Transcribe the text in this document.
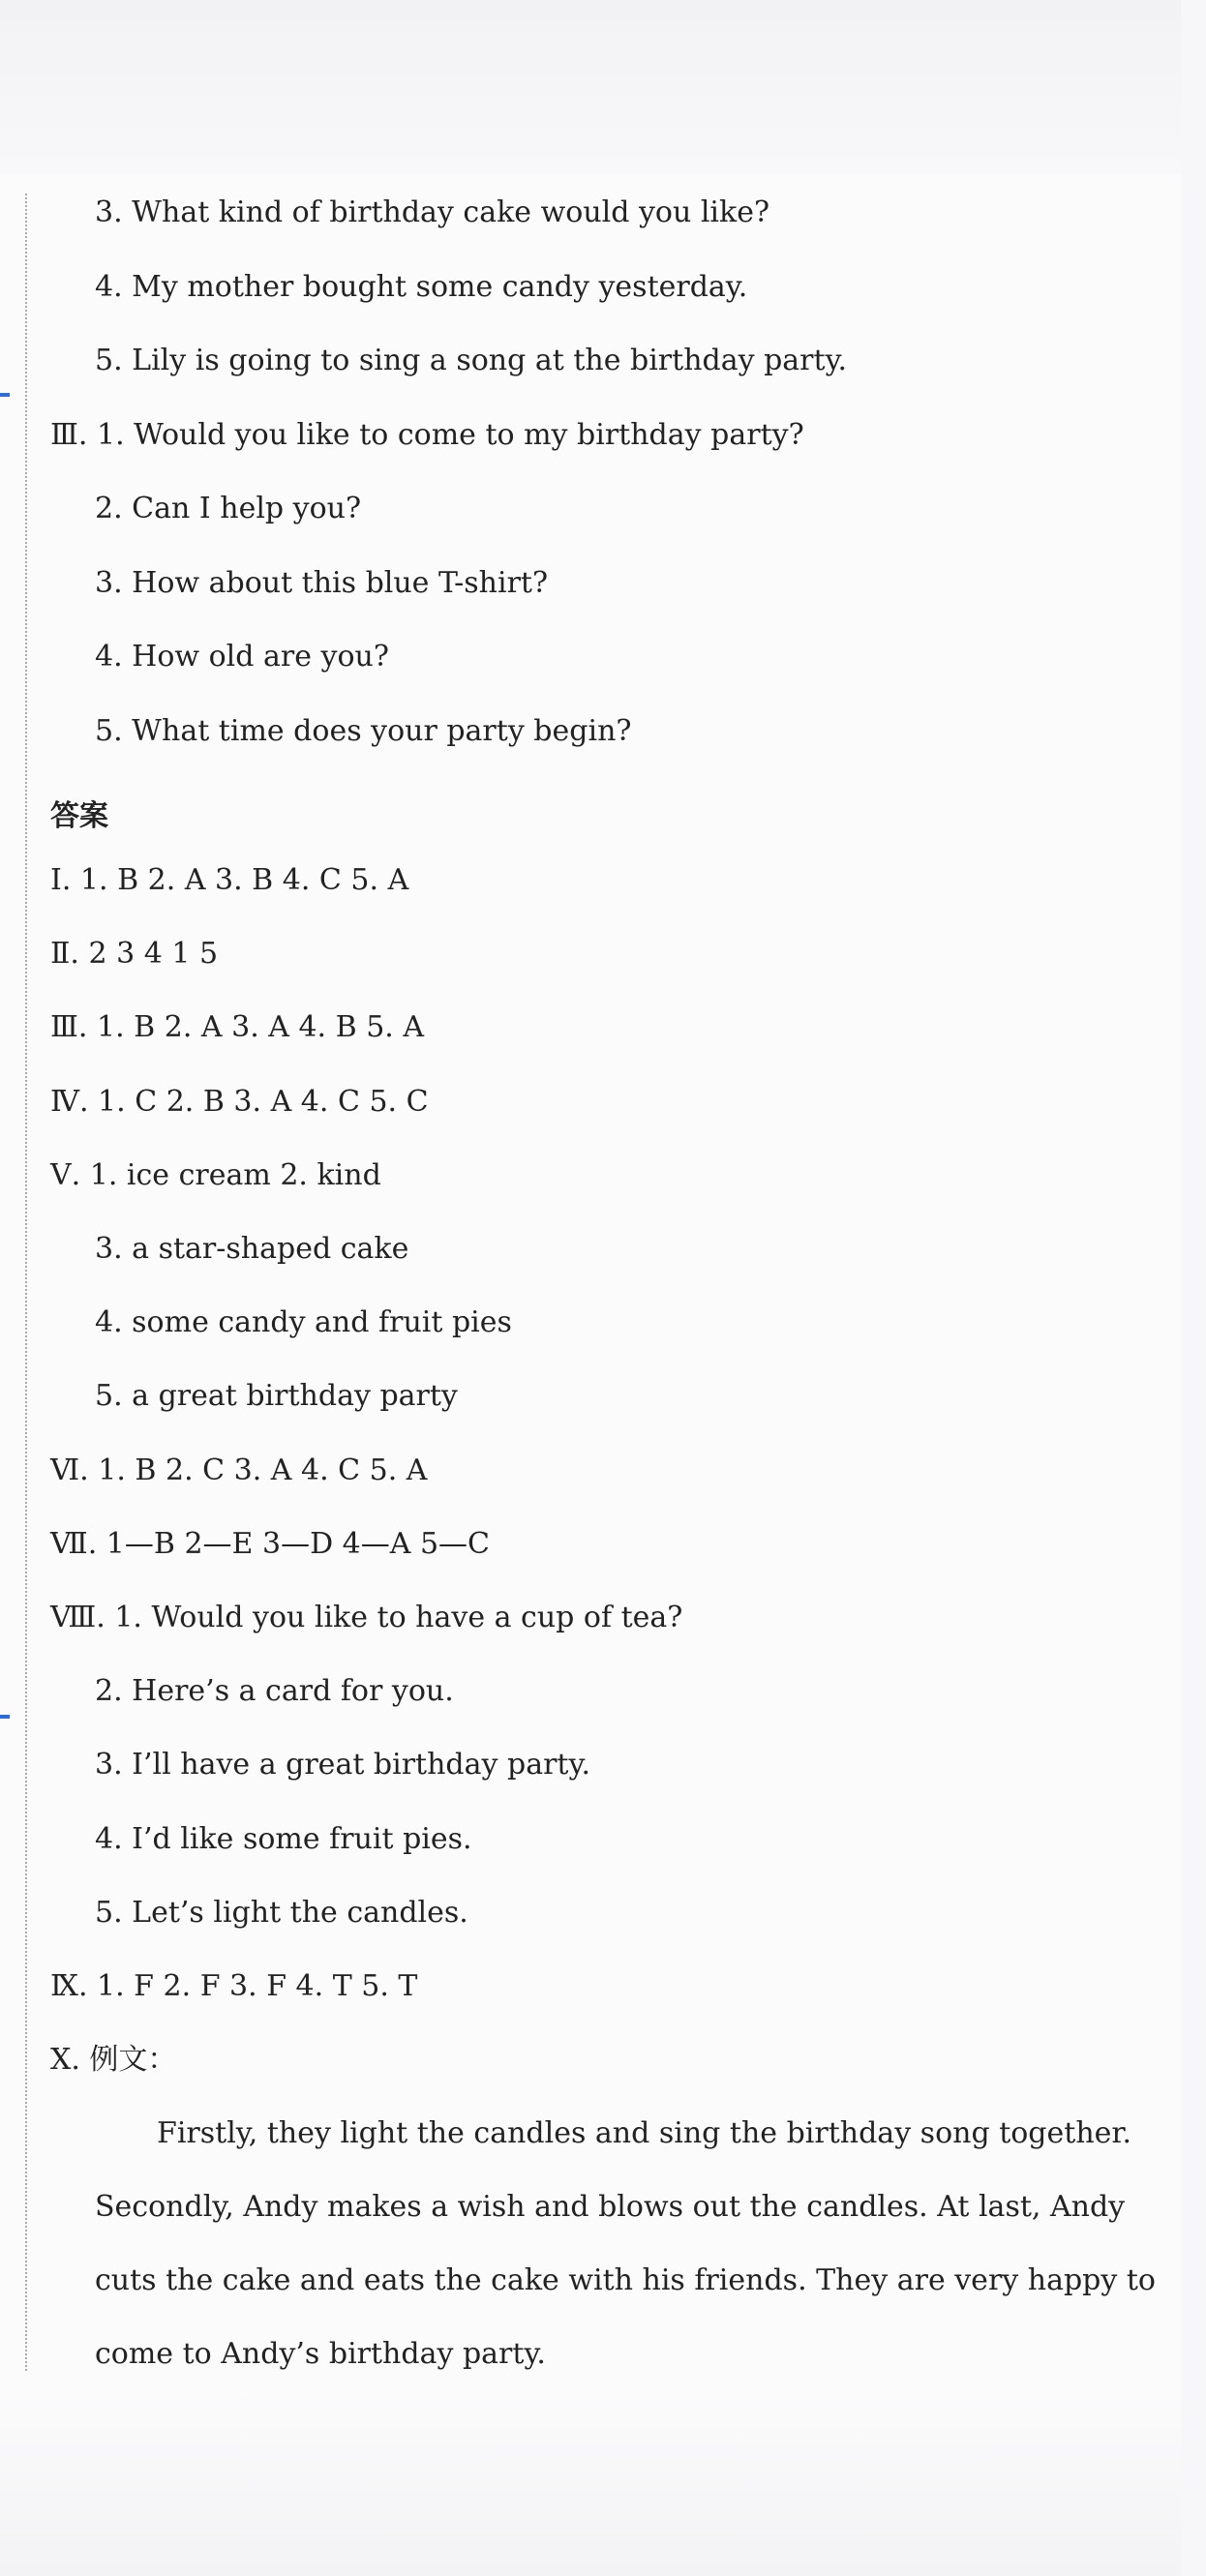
3. What kind of birthday cake would you like?
4. My mother bought some candy yesterday.
5. Lily is going to sing a song at the birthday party.
Ⅲ. 1. Would you like to come to my birthday party?
2. Can I help you?
3. How about this blue T-shirt?
4. How old are you?
5. What time does your party begin?
答案
Ⅰ. 1. B 2. A 3. B 4. C 5. A
Ⅱ. 2 3 4 1 5
Ⅲ. 1. B 2. A 3. A 4. B 5. A
Ⅳ. 1. C 2. B 3. A 4. C 5. C
Ⅴ. 1. ice cream 2. kind
3. a star-shaped cake
4. some candy and fruit pies
5. a great birthday party
Ⅵ. 1. B 2. C 3. A 4. C 5. A
Ⅶ. 1—B 2—E 3—D 4—A 5—C
Ⅷ. 1. Would you like to have a cup of tea?
2. Here’s a card for you.
3. I’ll have a great birthday party.
4. I’d like some fruit pies.
5. Let’s light the candles.
Ⅸ. 1. F 2. F 3. F 4. T 5. T
Ⅹ. 例文：
Firstly, they light the candles and sing the birthday song together.
Secondly, Andy makes a wish and blows out the candles. At last, Andy
cuts the cake and eats the cake with his friends. They are very happy to
come to Andy’s birthday party.
